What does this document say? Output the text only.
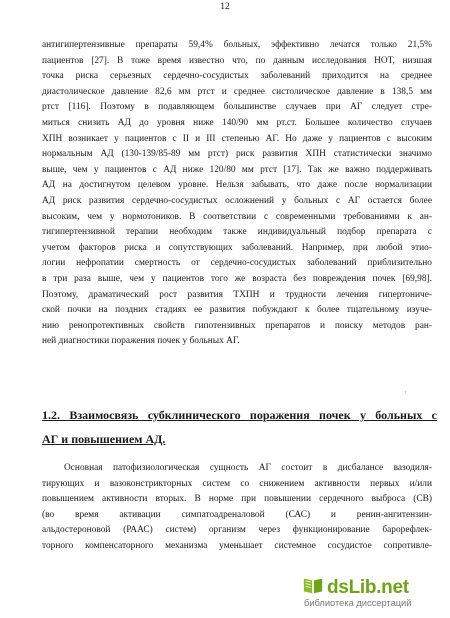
12
антигипертензивные препараты 59,4% больных, эффективно лечатся только 21,5%
пациентов [27]. В тоже время известно что, по данным исследования НОТ, низшая
точка риска серьезных сердечно-сосудистых заболеваний приходится на среднее
диастолическое давление 82,6 мм ртст и среднее систолическое давление в 138,5 мм
ртст [116]. Поэтому в подавляющем большинстве случаев при АГ следует стре-
миться снизить АД до уровня ниже 140/90 мм рт.ст. Большее количество случаев
ХПН возникает у пациентов с II и III степенью АГ. Но даже у пациентов с высоким
нормальным АД (130-139/85-89 мм ртст) риск развития ХПН статистически значимо
выше, чем у пациентов с АД ниже 120/80 мм ртст [17]. Так же важно поддерживать
АД на достигнутом целевом уровне. Нельзя забывать, что даже после нормализации
АД риск развития сердечно-сосудистых осложнений у больных с АГ остается более
высоким, чем у нормотоников. В соответствии с современными требованиями к ан-
тигипертензивной терапии необходим также индивидуальный подбор препарата с
учетом факторов риска и сопутствующих заболеваний. Например, при любой этио-
логии нефропатии смертность от сердечно-сосудистых заболеваний приблизительно
в три раза выше, чем у пациентов того же возраста без повреждения почек [69,98].
Поэтому, драматический рост развития ТХПН и трудности лечения гипертониче-
ской почки на поздних стадиях ее развития побуждают к более тщательному изуче-
нию ренопротективных свойств гипотензивных препаратов и поиску методов ран-
ней диагностики поражения почек у больных АГ.
·
1.2. Взаимосвязь субклинического поражения почек у больных с
АГ и повышением АД.
Основная патофизиологическая сущность АГ состоит в дисбалансе вазодиля-
тирующих и вазоконстрикторных систем со снижением активности первых и/или
повышением активности вторых. В норме при повышении сердечного выброса (СВ)
(во время активации симпатоадреналовой (САС) и ренин-ангитензин-
альдостероновой (РААС) систем) организм через функционирование барорефлек-
торного компенсаторного механизма уменьшает системное сосудистое сопротивле-
dsLib.net
библиотека диссертаций
